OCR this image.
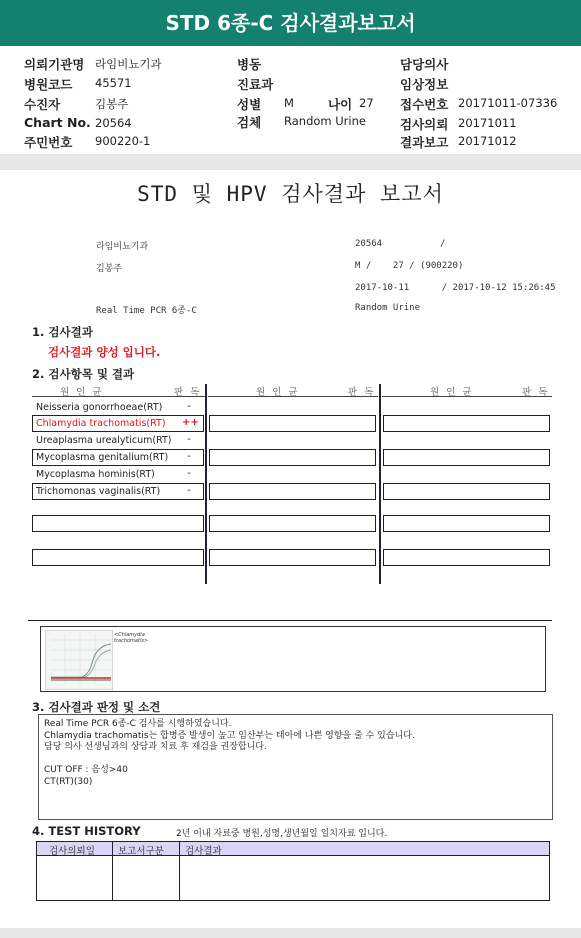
STD 6종-C 검사결과보고서
의뢰기관명 라임비뇨기과
병원코드 45571
수진자	김봉주
Chart No. 20564
주민번호 900220-1
병동
진료과
성별 M	나이 27
검체 Random Urine
담당의사
임상정보
접수번호 20171011-07336
검사의뢰 20171011
결과보고 20171012
STD 및 HPV 검사결과 보고서
라임비뇨기과	20564	/
김봉주	M /    27 / (900220)
2017-10-11      / 2017-10-12 15:26:45
Real Time PCR 6종-C	Random Urine
1. 검사결과
검사결과 양성 입니다.
2. 검사항목 및 결과
원 인 균	판 독	원 인 균	판 독	원 인 균	판 독
Neisseria gonorrhoeae(RT)	-
Chlamydia trachomatis(RT) ++
Ureaplasma urealyticum(RT)	-
Mycoplasma genitalium(RT)	-
Mycoplasma hominis(RT)	-
Trichomonas vaginalis(RT)	-
<Chlamydia trachomatis>
3. 검사결과 판정 및 소견
Real Time PCR 6종-C 검사를 시행하였습니다.
Chlamydia trachomatis는 합병증 발생이 높고 임산부는 태아에 나쁜 영향을 줄 수 있습니다.
담당 의사 선생님과의 상담과 치료 후 재검을 권장합니다.
CUT OFF : 음성>40
CT(RT)(30)
4. TEST HISTORY	2년 이내 자료중 병원,성명,생년월일 일치자료 입니다.
검사의뢰일 보고서구분 검사결과
